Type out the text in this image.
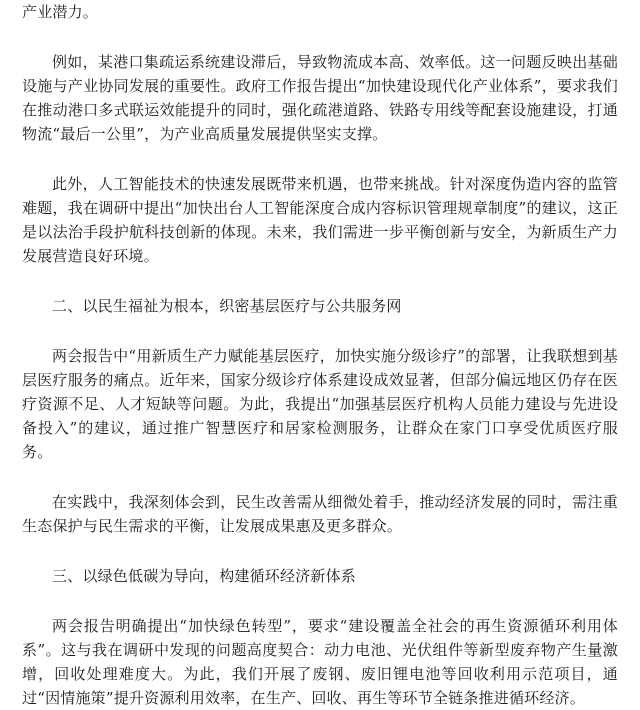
产业潜力。

例如，某港口集疏运系统建设滞后，导致物流成本高、效率低。这一问题反映出基础设施与产业协同发展的重要性。政府工作报告提出“加快建设现代化产业体系”，要求我们在推动港口多式联运效能提升的同时，强化疏港道路、铁路专用线等配套设施建设，打通物流“最后一公里”，为产业高质量发展提供坚实支撑。

此外，人工智能技术的快速发展既带来机遇，也带来挑战。针对深度伪造内容的监管难题，我在调研中提出“加快出台人工智能深度合成内容标识管理规章制度”的建议，这正是以法治手段护航科技创新的体现。未来，我们需进一步平衡创新与安全，为新质生产力发展营造良好环境。

二、以民生福祉为根本，织密基层医疗与公共服务网

两会报告中“用新质生产力赋能基层医疗，加快实施分级诊疗”的部署，让我联想到基层医疗服务的痛点。近年来，国家分级诊疗体系建设成效显著，但部分偏远地区仍存在医疗资源不足、人才短缺等问题。为此，我提出“加强基层医疗机构人员能力建设与先进设备投入”的建议，通过推广智慧医疗和居家检测服务，让群众在家门口享受优质医疗服务。

在实践中，我深刻体会到，民生改善需从细微处着手，推动经济发展的同时，需注重生态保护与民生需求的平衡，让发展成果惠及更多群众。

三、以绿色低碳为导向，构建循环经济新体系

两会报告明确提出“加快绿色转型”，要求“建设覆盖全社会的再生资源循环利用体系”。这与我在调研中发现的问题高度契合：动力电池、光伏组件等新型废弃物产生量激增，回收处理难度大。为此，我们开展了废钢、废旧锂电池等回收利用示范项目，通过“因情施策”提升资源利用效率，在生产、回收、再生等环节全链条推进循环经济。
